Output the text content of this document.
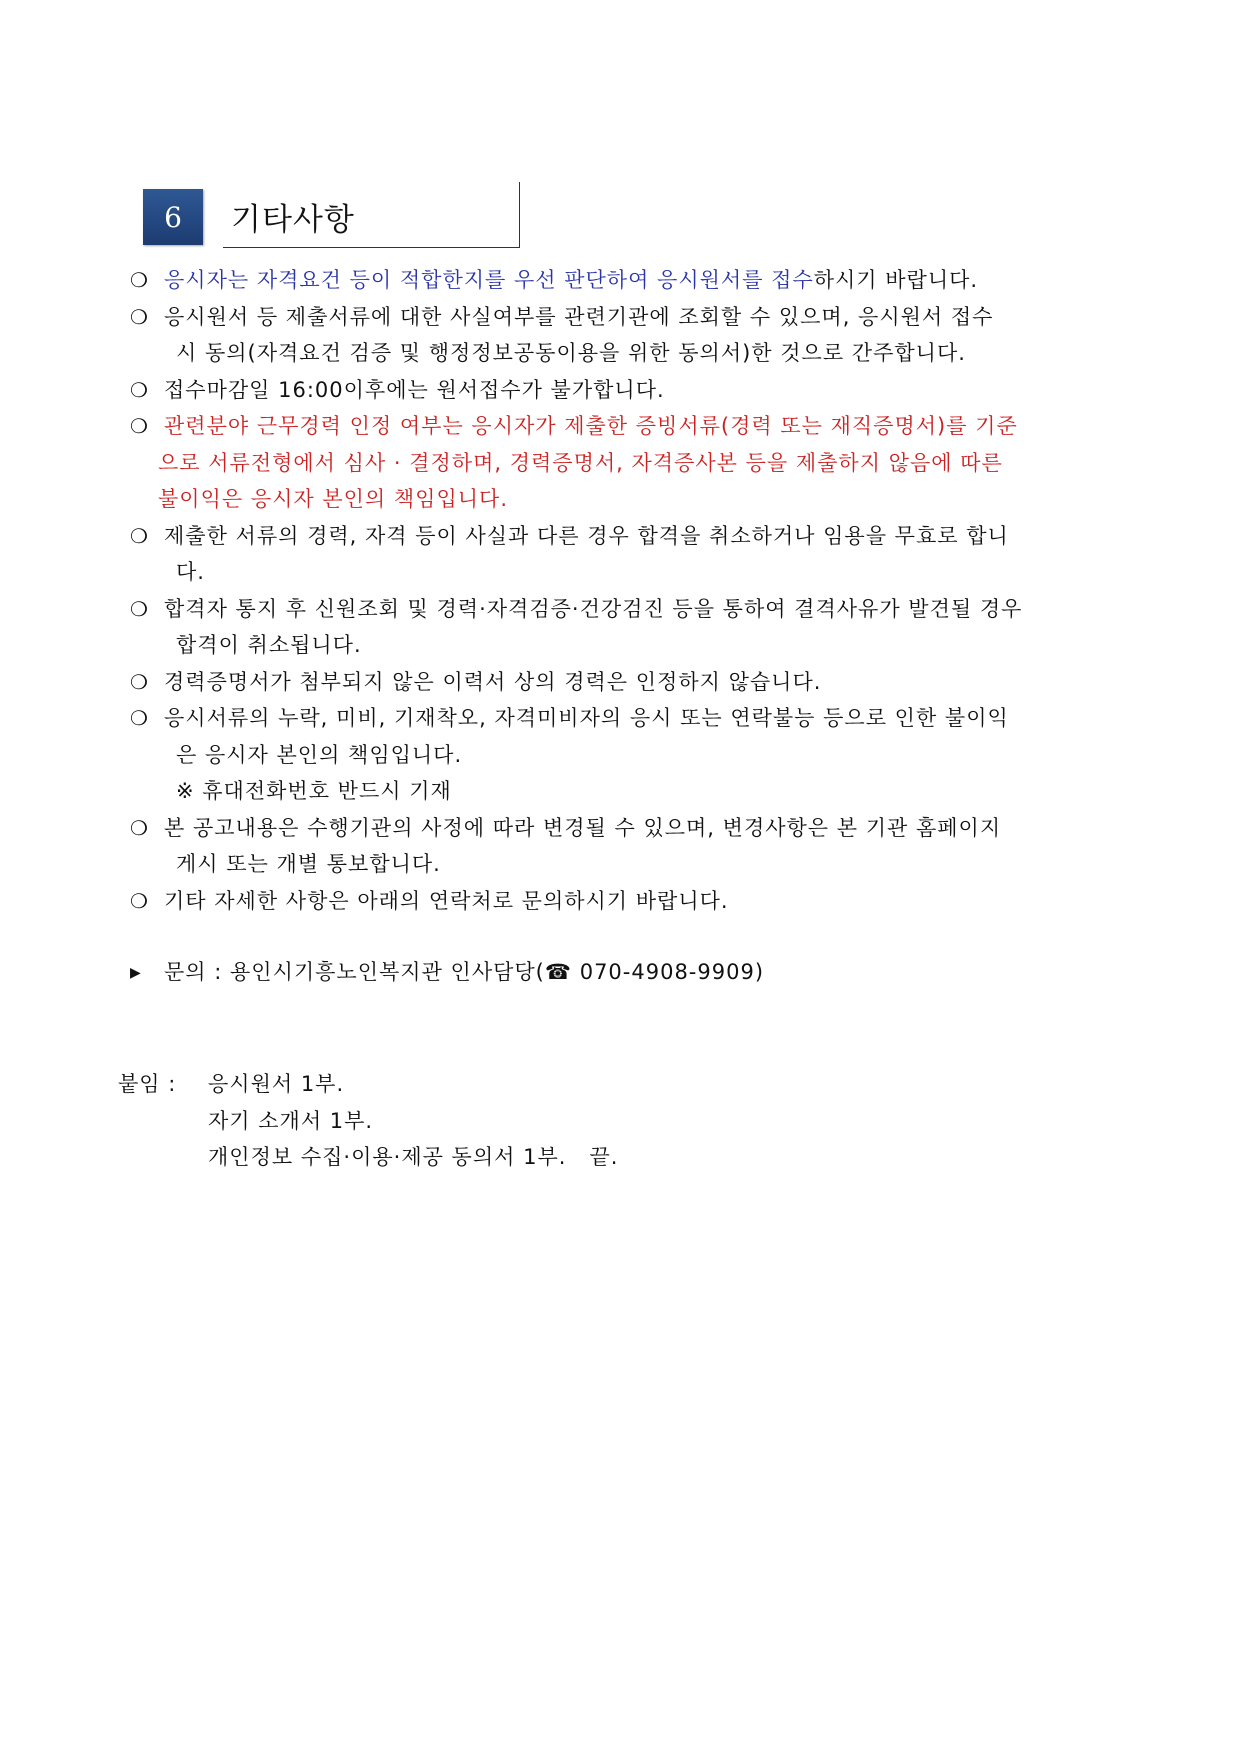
6	기타사항
❍ 응시자는 자격요건 등이 적합한지를 우선 판단하여 응시원서를 접수하시기 바랍니다.
❍ 응시원서 등 제출서류에 대한 사실여부를 관련기관에 조회할 수 있으며, 응시원서 접수
시 동의(자격요건 검증 및 행정정보공동이용을 위한 동의서)한 것으로 간주합니다.
❍ 접수마감일 16:00이후에는 원서접수가 불가합니다.
❍ 관련분야 근무경력 인정 여부는 응시자가 제출한 증빙서류(경력 또는 재직증명서)를 기준
으로 서류전형에서 심사 · 결정하며, 경력증명서, 자격증사본 등을 제출하지 않음에 따른
불이익은 응시자 본인의 책임입니다.
❍ 제출한 서류의 경력, 자격 등이 사실과 다른 경우 합격을 취소하거나 임용을 무효로 합니
다.
❍ 합격자 통지 후 신원조회 및 경력·자격검증·건강검진 등을 통하여 결격사유가 발견될 경우
합격이 취소됩니다.
❍ 경력증명서가 첨부되지 않은 이력서 상의 경력은 인정하지 않습니다.
❍ 응시서류의 누락, 미비, 기재착오, 자격미비자의 응시 또는 연락불능 등으로 인한 불이익
은 응시자 본인의 책임입니다.
※ 휴대전화번호 반드시 기재
❍ 본 공고내용은 수행기관의 사정에 따라 변경될 수 있으며, 변경사항은 본 기관 홈페이지
게시 또는 개별 통보합니다.
❍ 기타 자세한 사항은 아래의 연락처로 문의하시기 바랍니다.
▶ 문의 : 용인시기흥노인복지관 인사담당(☎ 070-4908-9909)
붙임 : 응시원서 1부.
자기 소개서 1부.
개인정보 수집·이용·제공 동의서 1부. 끝.
